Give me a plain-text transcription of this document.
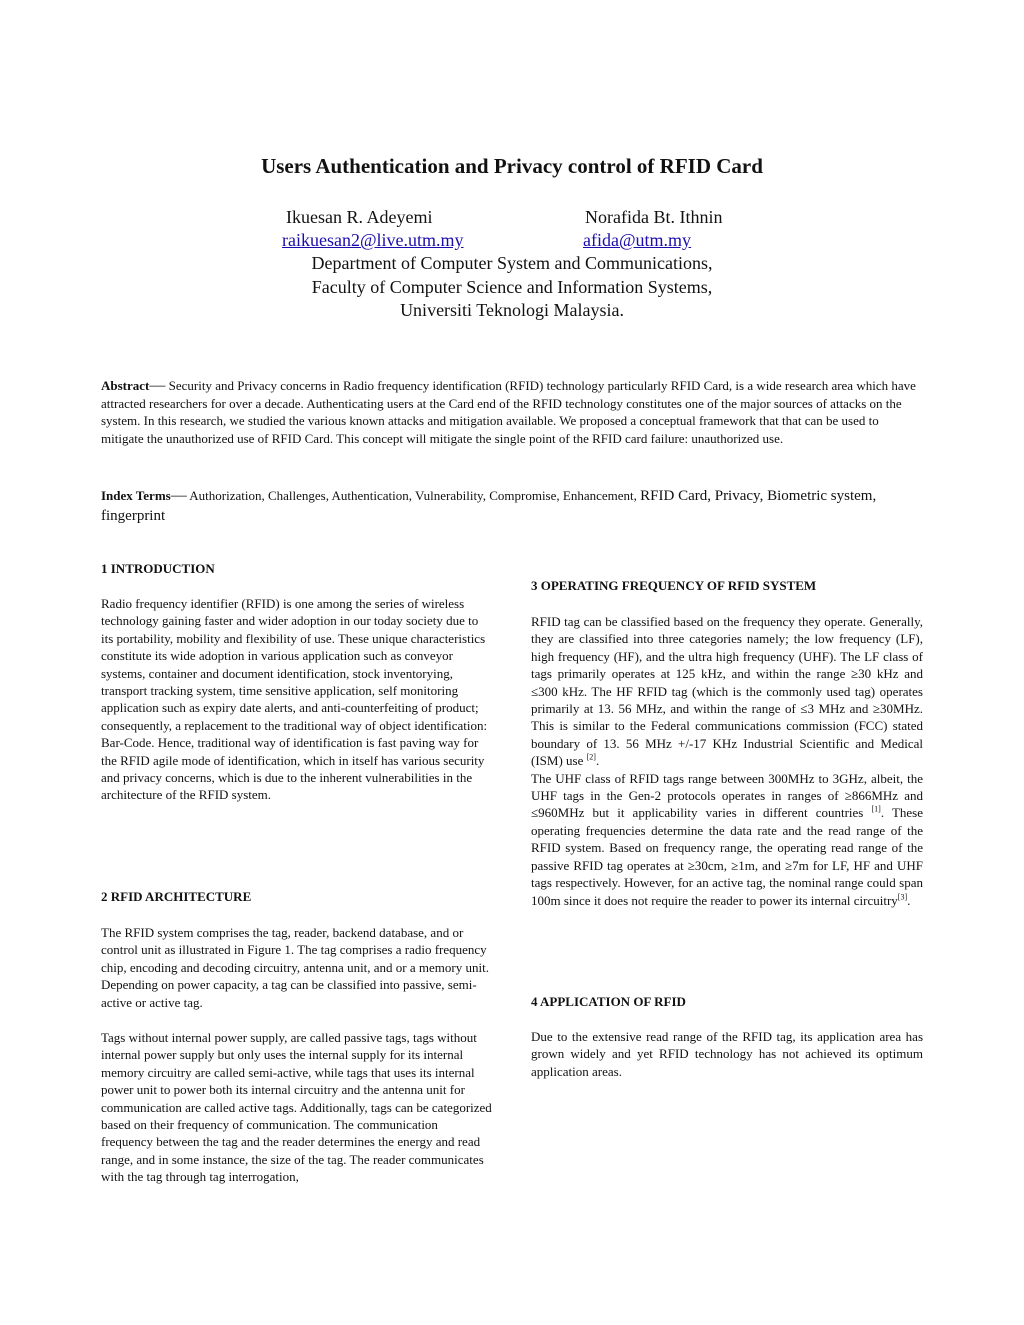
Users Authentication and Privacy control of RFID Card
Ikuesan R. Adeyemi	Norafida Bt. Ithnin
raikuesan2@live.utm.my	afida@utm.my
Department of Computer System and Communications,
Faculty of Computer Science and Information Systems,
Universiti Teknologi Malaysia.
Abstract— Security and Privacy concerns in Radio frequency identification (RFID) technology particularly RFID Card, is a wide research area which have attracted researchers for over a decade. Authenticating users at the Card end of the RFID technology constitutes one of the major sources of attacks on the system. In this research, we studied the various known attacks and mitigation available. We proposed a conceptual framework that that can be used to mitigate the unauthorized use of RFID Card. This concept will mitigate the single point of the RFID card failure: unauthorized use.
Index Terms— Authorization, Challenges, Authentication, Vulnerability, Compromise, Enhancement, RFID Card, Privacy, Biometric system, fingerprint
1 INTRODUCTION

Radio frequency identifier (RFID) is one among the series of wireless technology gaining faster and wider adoption in our today society due to its portability, mobility and flexibility of use. These unique characteristics constitute its wide adoption in various application such as conveyor systems, container and document identification, stock inventorying, transport tracking system, time sensitive application, self monitoring application such as expiry date alerts, and anti-counterfeiting of product; consequently, a replacement to the traditional way of object identification: Bar-Code. Hence, traditional way of identification is fast paving way for the RFID agile mode of identification, which in itself has various security and privacy concerns, which is due to the inherent vulnerabilities in the architecture of the RFID system.

2 RFID ARCHITECTURE

The RFID system comprises the tag, reader, backend database, and or control unit as illustrated in Figure 1. The tag comprises a radio frequency chip, encoding and decoding circuitry, antenna unit, and or a memory unit. Depending on power capacity, a tag can be classified into passive, semi-active or active tag.

Tags without internal power supply, are called passive tags, tags without internal power supply but only uses the internal supply for its internal memory circuitry are called semi-active, while tags that uses its internal power unit to power both its internal circuitry and the antenna unit for communication are called active tags. Additionally, tags can be categorized based on their frequency of communication. The communication frequency between the tag and the reader determines the energy and read range, and in some instance, the size of the tag. The reader communicates with the tag through tag interrogation,

3 OPERATING FREQUENCY OF RFID SYSTEM

RFID tag can be classified based on the frequency they operate. Generally, they are classified into three categories namely; the low frequency (LF), high frequency (HF), and the ultra high frequency (UHF). The LF class of tags primarily operates at 125 kHz, and within the range ≥30 kHz and ≤300 kHz. The HF RFID tag (which is the commonly used tag) operates primarily at 13. 56 MHz, and within the range of ≤3 MHz and ≥30MHz. This is similar to the Federal communications commission (FCC) stated boundary of 13. 56 MHz +/-17 KHz Industrial Scientific and Medical (ISM) use [2].
The UHF class of RFID tags range between 300MHz to 3GHz, albeit, the UHF tags in the Gen-2 protocols operates in ranges of ≥866MHz and ≤960MHz but it applicability varies in different countries [1]. These operating frequencies determine the data rate and the read range of the RFID system. Based on frequency range, the operating read range of the passive RFID tag operates at ≥30cm, ≥1m, and ≥7m for LF, HF and UHF tags respectively. However, for an active tag, the nominal range could span 100m since it does not require the reader to power its internal circuitry[3].

4 APPLICATION OF RFID

Due to the extensive read range of the RFID tag, its application area has grown widely and yet RFID technology has not achieved its optimum application areas.
